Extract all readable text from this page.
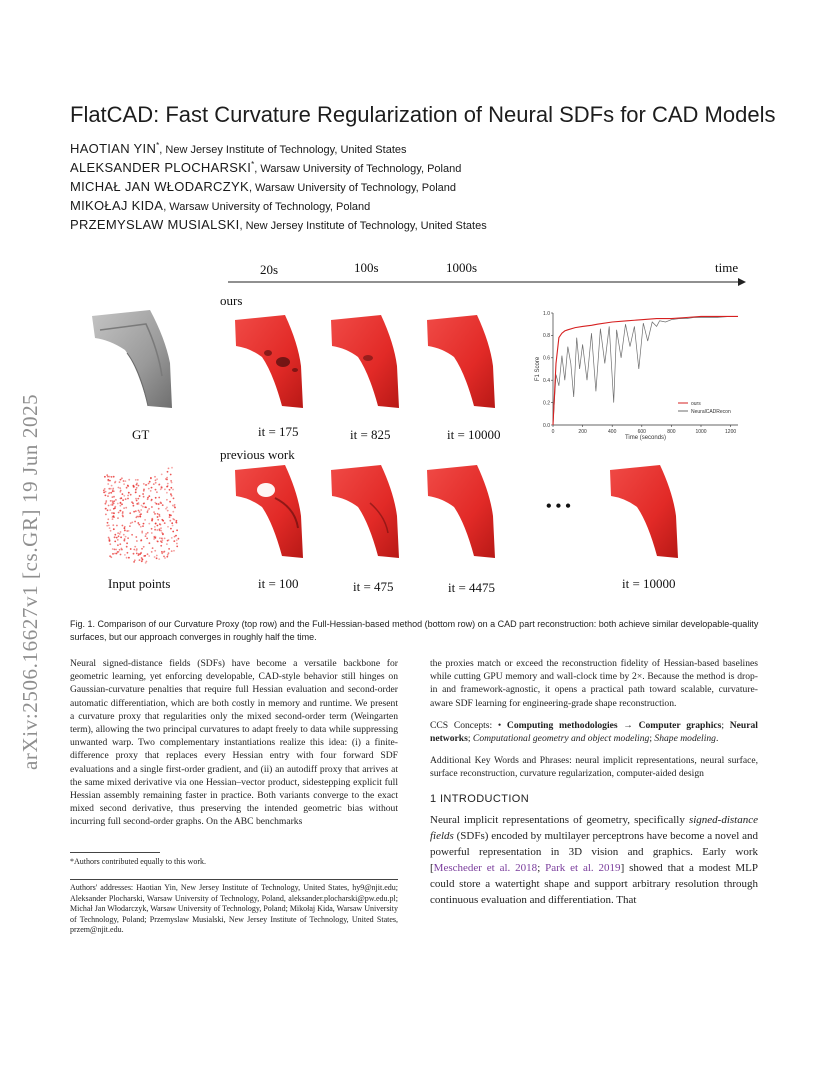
arXiv:2506.16627v1 [cs.GR] 19 Jun 2025
FlatCAD: Fast Curvature Regularization of Neural SDFs for CAD Models
HAOTIAN YIN*, New Jersey Institute of Technology, United States
ALEKSANDER PLOCHARSKI*, Warsaw University of Technology, Poland
MICHAŁ JAN WŁODARCZYK, Warsaw University of Technology, Poland
MIKOŁAJ KIDA, Warsaw University of Technology, Poland
PRZEMYSLAW MUSIALSKI, New Jersey Institute of Technology, United States
0	200	400	600	800	1000	1200
0.0
0.2
0.4
0.6
0.8
1.0
Time (seconds)
F1 Score
ours
NeuralCADRecon
20s	100s	1000s	time
ours
previous work
GT	it = 175	it = 825	it = 10000
Input points	it = 100	it = 475	it = 4475	it = 10000
• • •
Fig. 1. Comparison of our Curvature Proxy (top row) and the Full-Hessian-based method (bottom row) on a CAD part reconstruction: both achieve similar developable-quality surfaces, but our approach converges in roughly half the time.

Neural signed-distance fields (SDFs) have become a versatile backbone for geometric learning, yet enforcing developable, CAD-style behavior still hinges on Gaussian-curvature penalties that require full Hessian evaluation and second-order automatic differentiation, which are both costly in memory and runtime. We present a curvature proxy that regularities only the mixed second-order term (Weingarten term), allowing the two principal curvatures to adapt freely to data while suppressing unwanted warp. Two complementary instantiations realize this idea: (i) a finite-difference proxy that replaces every Hessian entry with four forward SDF evaluations and a single first-order gradient, and (ii) an autodiff proxy that arrives at the same mixed derivative via one Hessian–vector product, sidestepping explicit full Hessian assembly remaining faster in practice. Both variants converge to the exact mixed second derivative, thus preserving the intended geometric bias without incurring full second-order graphs. On the ABC benchmarks

*Authors contributed equally to this work.
Authors' addresses: Haotian Yin, New Jersey Institute of Technology, United States, hy9@njit.edu; Aleksander Plocharski, Warsaw University of Technology, Poland, aleksander.plocharski@pw.edu.pl; Michał Jan Włodarczyk, Warsaw University of Technology, Poland; Mikołaj Kida, Warsaw University of Technology, Poland; Przemyslaw Musialski, New Jersey Institute of Technology, United States, przem@njit.edu.

the proxies match or exceed the reconstruction fidelity of Hessian-based baselines while cutting GPU memory and wall-clock time by 2×. Because the method is drop-in and framework-agnostic, it opens a practical path toward scalable, curvature-aware SDF learning for engineering-grade shape reconstruction.

CCS Concepts: • Computing methodologies → Computer graphics; Neural networks; Computational geometry and object modeling; Shape modeling.

Additional Key Words and Phrases: neural implicit representations, neural surface, surface reconstruction, curvature regularization, computer-aided design

1 INTRODUCTION
Neural implicit representations of geometry, specifically signed-distance fields (SDFs) encoded by multilayer perceptrons have become a novel and powerful representation in 3D vision and graphics. Early work [Mescheder et al. 2018; Park et al. 2019] showed that a modest MLP could store a watertight shape and support arbitrary resolution through continuous evaluation and differentiation. That
